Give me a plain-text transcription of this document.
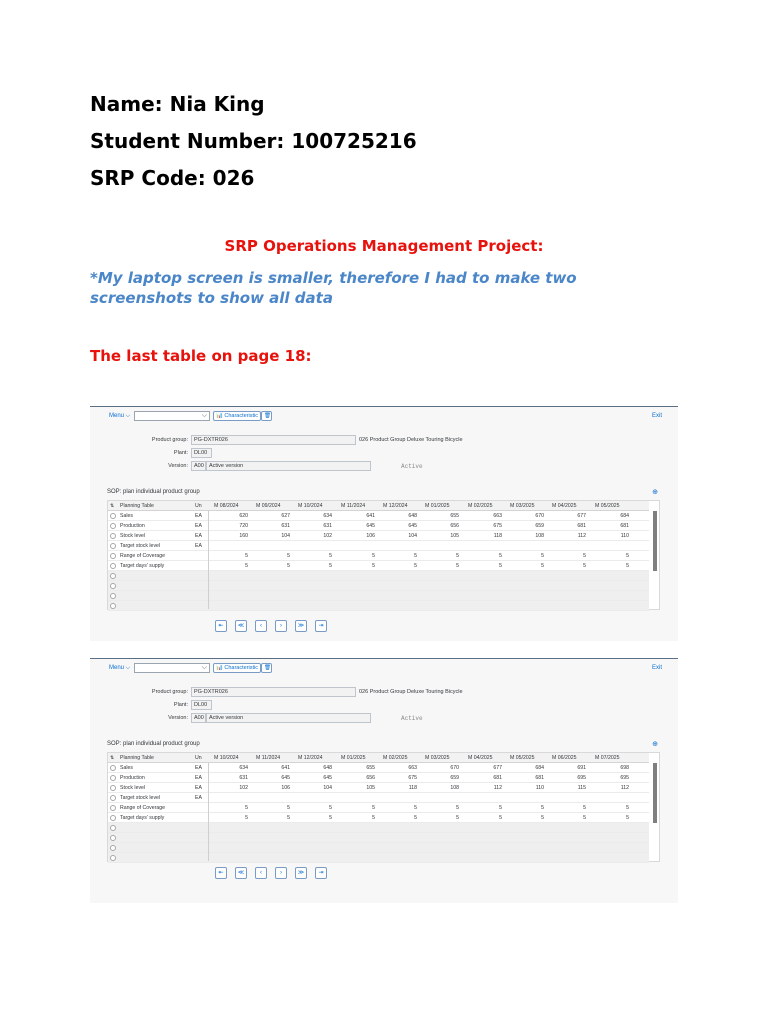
Name: Nia King
Student Number: 100725216
SRP Code: 026
SRP Operations Management Project:
*My laptop screen is smaller, therefore I had to make two screenshots to show all data
The last table on page 18:
Menu ⌵	⌵	📊 Characteristic	🗑	Exit
Product group:	PG-DXTR026	026 Product Group Deluxe Touring Bicycle
Plant:	DL00
Version:	A00 Active version	Active
SOP: plan individual product group	⊕
⇅ Planning Table	Un M 08/2024	M 09/2024	M 10/2024	M 11/2024	M 12/2024	M 01/2025	M 02/2025	M 03/2025	M 04/2025	M 05/2025
Sales	EA	620	627	634	641	648	655	663	670	677	684
Production	EA	720	631	631	645	645	656	675	659	681	681
Stock level	EA	160	104	102	106	104	105	118	108	112	110
Target stock level	EA
Range of Coverage	5	5	5	5	5	5	5	5	5	5
Target days' supply	5	5	5	5	5	5	5	5	5	5
⇤	≪	‹	›	≫	⇥
Menu ⌵	⌵	📊 Characteristic	🗑	Exit
Product group:	PG-DXTR026	026 Product Group Deluxe Touring Bicycle
Plant:	DL00
Version:	A00 Active version	Active
SOP: plan individual product group	⊕
⇅ Planning Table	Un M 10/2024	M 11/2024	M 12/2024	M 01/2025	M 02/2025	M 03/2025	M 04/2025	M 05/2025	M 06/2025	M 07/2025
Sales	EA	634	641	648	655	663	670	677	684	691	698
Production	EA	631	645	645	656	675	659	681	681	695	695
Stock level	EA	102	106	104	105	118	108	112	110	115	112
Target stock level	EA
Range of Coverage	5	5	5	5	5	5	5	5	5	5
Target days' supply	5	5	5	5	5	5	5	5	5	5
⇤	≪	‹	›	≫	⇥
